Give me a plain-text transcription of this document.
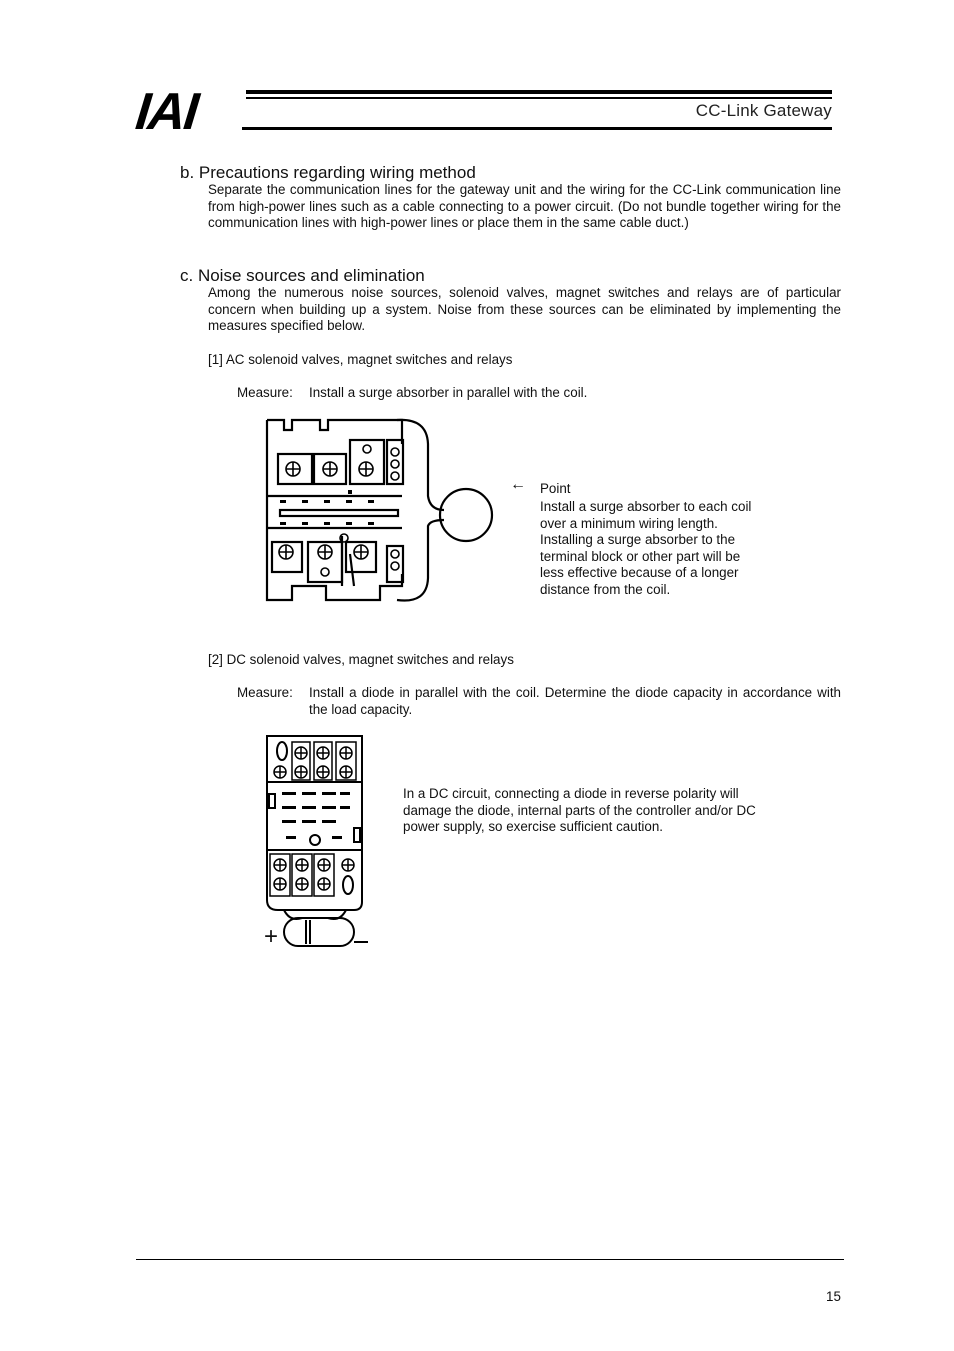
IAI	CC-Link Gateway
b. Precautions regarding wiring method
Separate the communication lines for the gateway unit and the wiring for the CC-Link communication line from high-power lines such as a cable connecting to a power circuit. (Do not bundle together wiring for the communication lines with high-power lines or place them in the same cable duct.)
c. Noise sources and elimination
Among the numerous noise sources, solenoid valves, magnet switches and relays are of particular concern when building up a system. Noise from these sources can be eliminated by implementing the measures specified below.
[1] AC solenoid valves, magnet switches and relays
Measure: Install a surge absorber in parallel with the coil.
← Point
Install a surge absorber to each coil over a minimum wiring length. Installing a surge absorber to the terminal block or other part will be less effective because of a longer distance from the coil.
[2] DC solenoid valves, magnet switches and relays
Measure: Install a diode in parallel with the coil. Determine the diode capacity in accordance with the load capacity.
+
In a DC circuit, connecting a diode in reverse polarity will damage the diode, internal parts of the controller and/or DC power supply, so exercise sufficient caution.
15
